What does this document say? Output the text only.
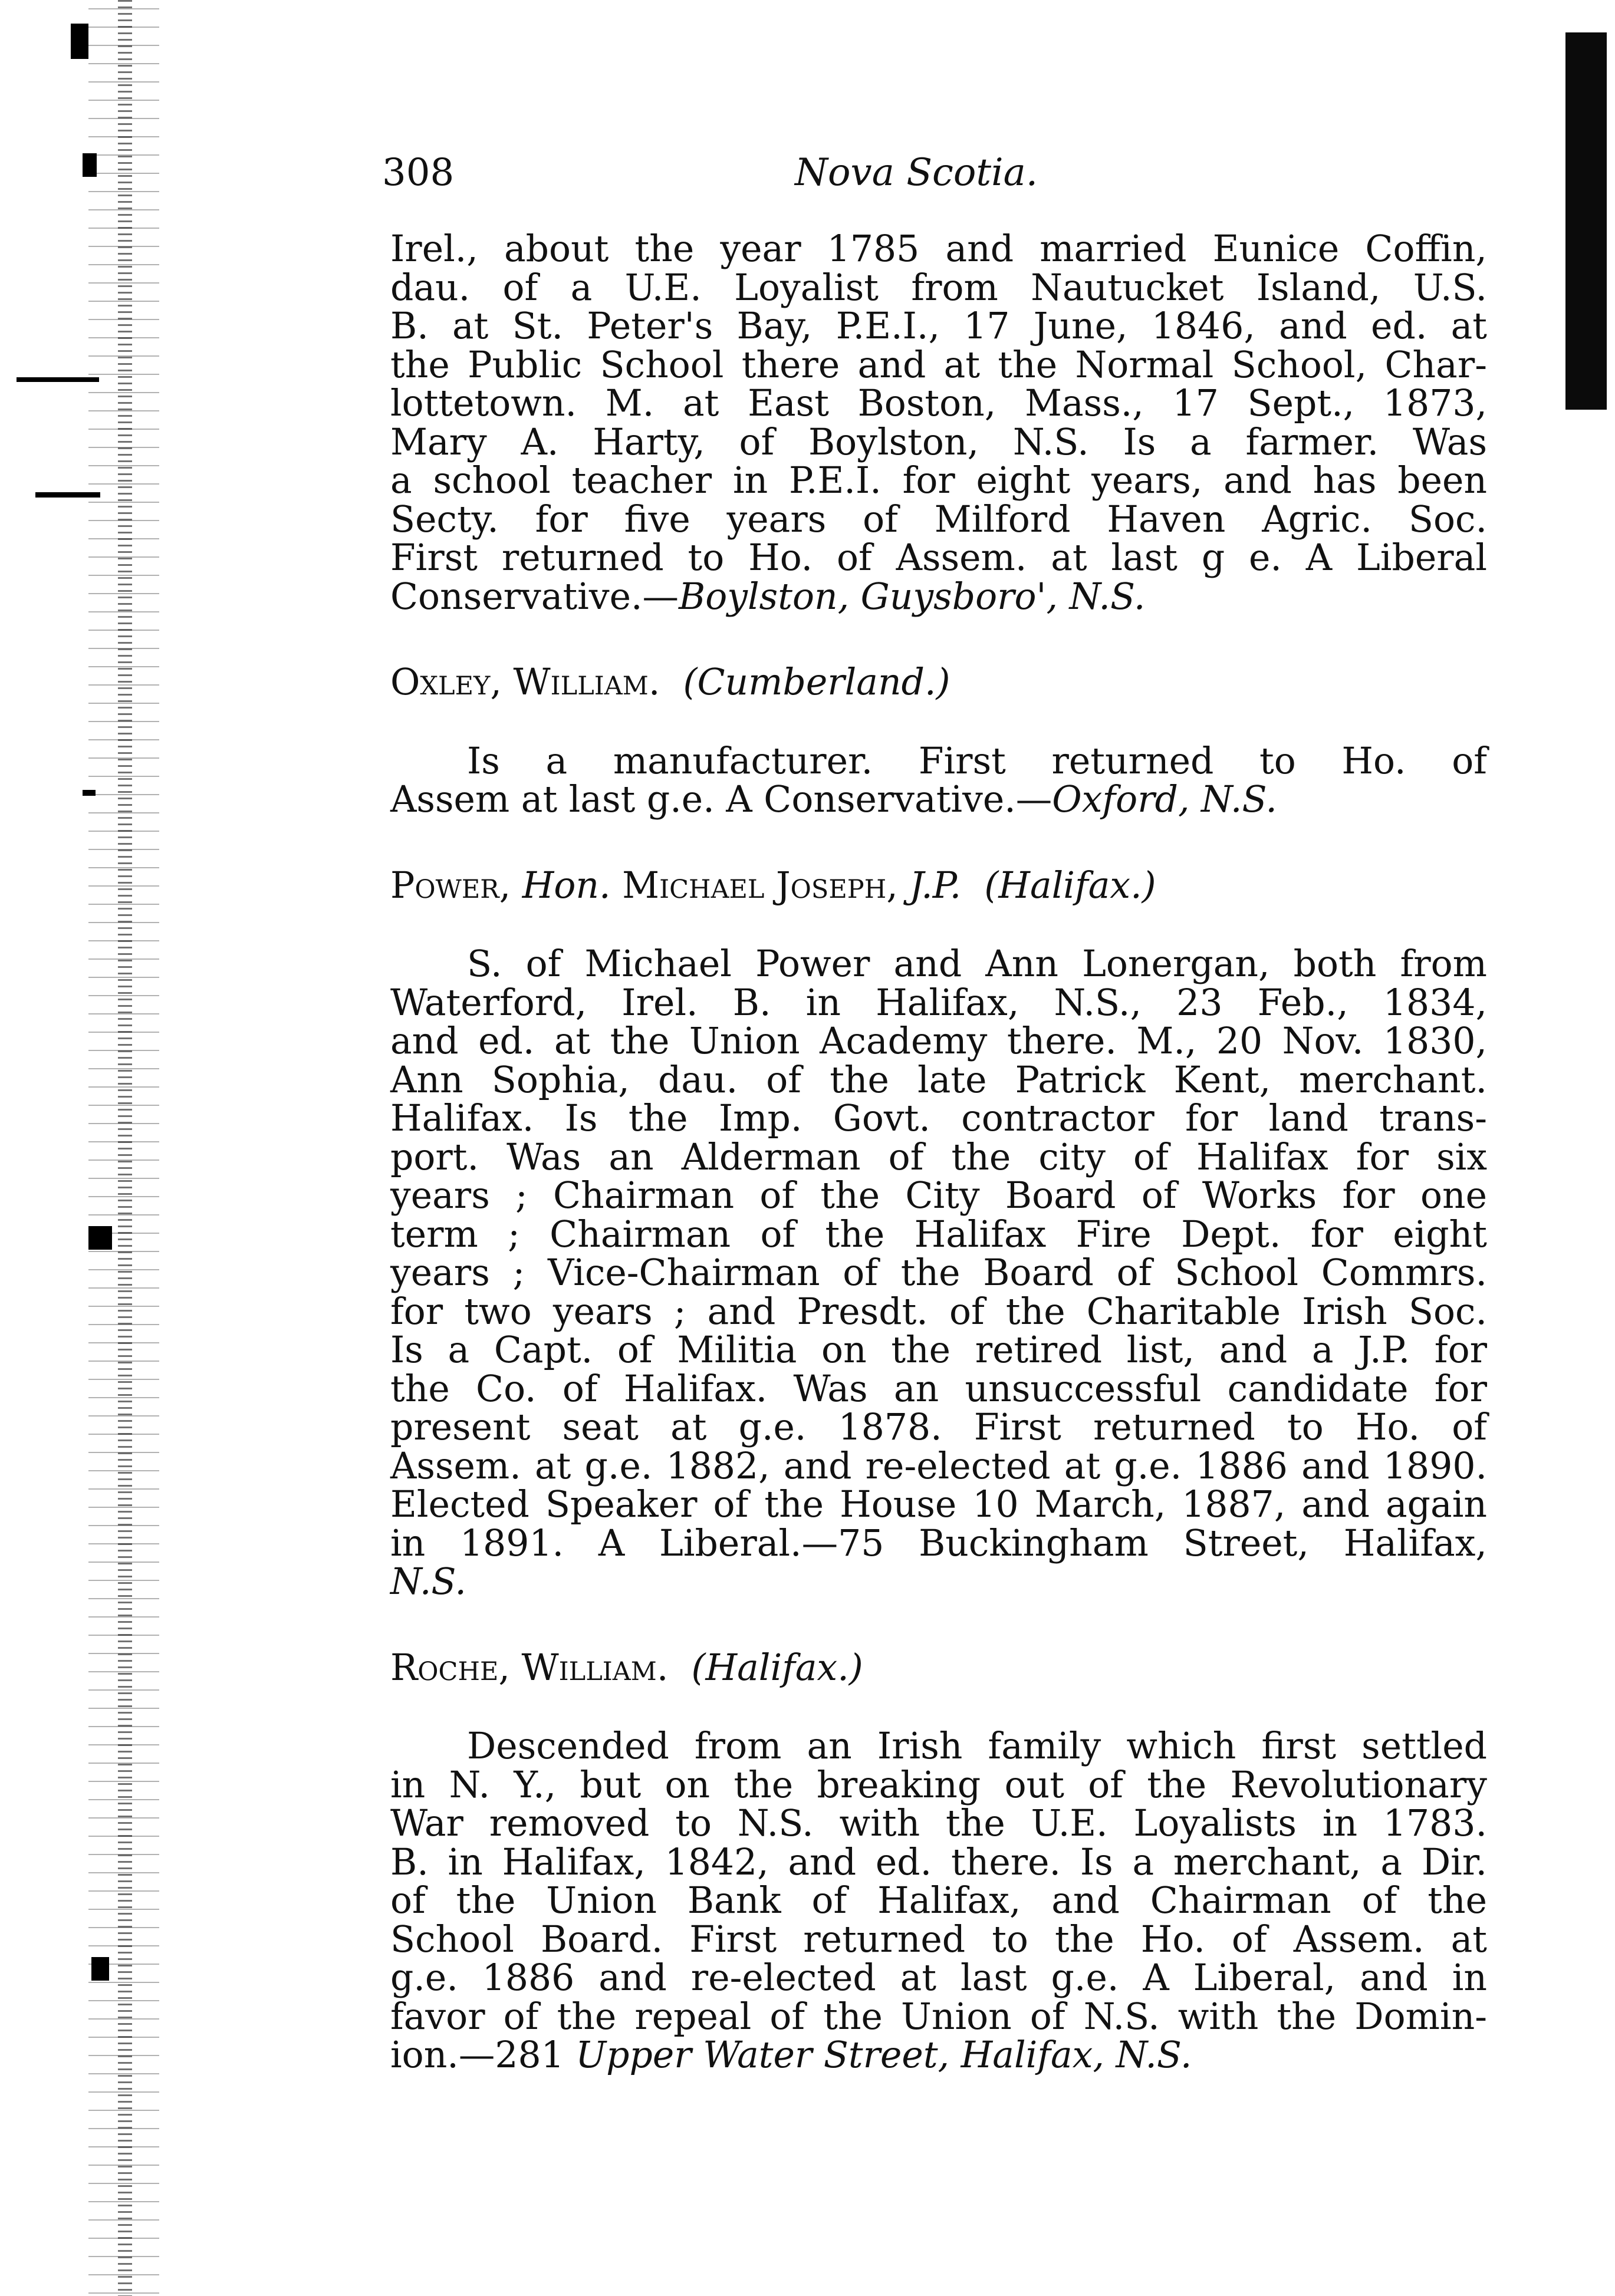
308	Nova Scotia.
Irel., about the year 1785 and married Eunice Coffin,
dau. of a U.E. Loyalist from Nautucket Island, U.S.
B. at St. Peter's Bay, P.E.I., 17 June, 1846, and ed. at
the Public School there and at the Normal School, Char-
lottetown. M. at East Boston, Mass., 17 Sept., 1873,
Mary A. Harty, of Boylston, N.S. Is a farmer. Was
a school teacher in P.E.I. for eight years, and has been
Secty. for five years of Milford Haven Agric. Soc.
First returned to Ho. of Assem. at last g e. A Liberal
Conservative.—Boylston, Guysboro', N.S.
Oxley, William. (Cumberland.)
Is a manufacturer. First returned to Ho. of
Assem at last g.e. A Conservative.—Oxford, N.S.
Power, Hon. Michael Joseph, J.P. (Halifax.)
S. of Michael Power and Ann Lonergan, both from
Waterford, Irel. B. in Halifax, N.S., 23 Feb., 1834,
and ed. at the Union Academy there. M., 20 Nov. 1830,
Ann Sophia, dau. of the late Patrick Kent, merchant.
Halifax. Is the Imp. Govt. contractor for land trans-
port. Was an Alderman of the city of Halifax for six
years ; Chairman of the City Board of Works for one
term ; Chairman of the Halifax Fire Dept. for eight
years ; Vice-Chairman of the Board of School Commrs.
for two years ; and Presdt. of the Charitable Irish Soc.
Is a Capt. of Militia on the retired list, and a J.P. for
the Co. of Halifax. Was an unsuccessful candidate for
present seat at g.e. 1878. First returned to Ho. of
Assem. at g.e. 1882, and re-elected at g.e. 1886 and 1890.
Elected Speaker of the House 10 March, 1887, and again
in 1891. A Liberal.—75 Buckingham Street, Halifax,
N.S.
Roche, William. (Halifax.)
Descended from an Irish family which first settled
in N. Y., but on the breaking out of the Revolutionary
War removed to N.S. with the U.E. Loyalists in 1783.
B. in Halifax, 1842, and ed. there. Is a merchant, a Dir.
of the Union Bank of Halifax, and Chairman of the
School Board. First returned to the Ho. of Assem. at
g.e. 1886 and re-elected at last g.e. A Liberal, and in
favor of the repeal of the Union of N.S. with the Domin-
ion.—281 Upper Water Street, Halifax, N.S.
